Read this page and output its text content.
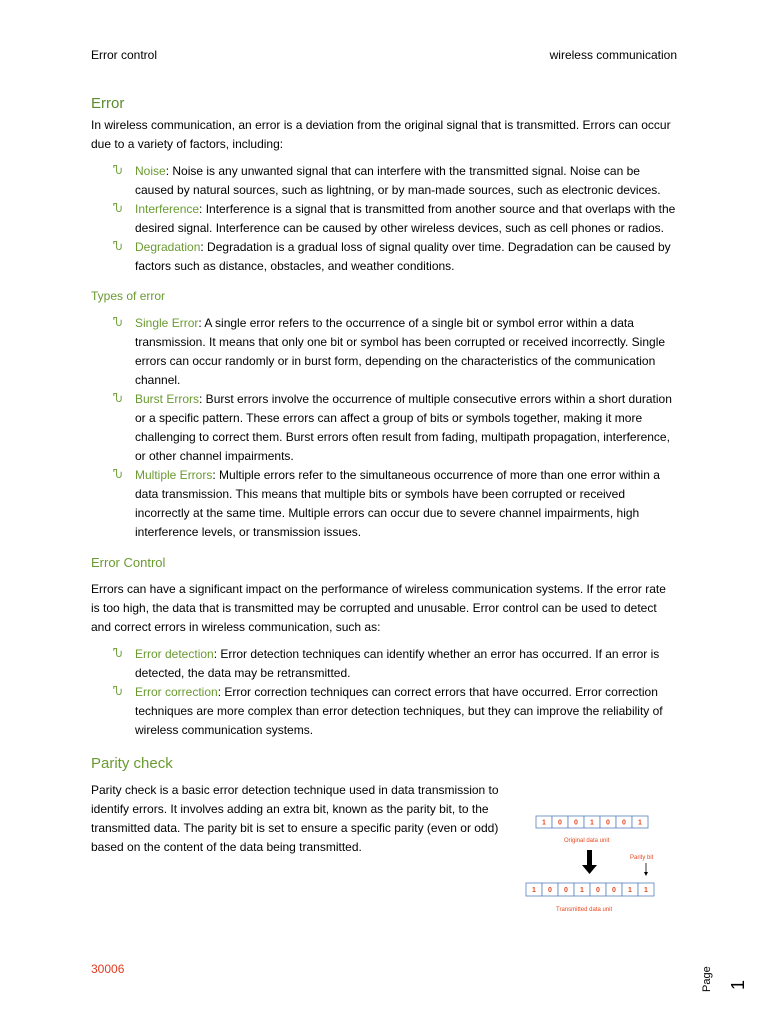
Error control	wireless communication
Error

In wireless communication, an error is a deviation from the original signal that is transmitted. Errors can occur due to a variety of factors, including:

Ⴠ Noise: Noise is any unwanted signal that can interfere with the transmitted signal. Noise can be caused by natural sources, such as lightning, or by man-made sources, such as electronic devices.
Ⴠ Interference: Interference is a signal that is transmitted from another source and that overlaps with the desired signal. Interference can be caused by other wireless devices, such as cell phones or radios.
Ⴠ Degradation: Degradation is a gradual loss of signal quality over time. Degradation can be caused by factors such as distance, obstacles, and weather conditions.

Types of error

Ⴠ Single Error: A single error refers to the occurrence of a single bit or symbol error within a data transmission. It means that only one bit or symbol has been corrupted or received incorrectly. Single errors can occur randomly or in burst form, depending on the characteristics of the communication channel.
Ⴠ Burst Errors: Burst errors involve the occurrence of multiple consecutive errors within a short duration or a specific pattern. These errors can affect a group of bits or symbols together, making it more challenging to correct them. Burst errors often result from fading, multipath propagation, interference, or other channel impairments.
Ⴠ Multiple Errors: Multiple errors refer to the simultaneous occurrence of more than one error within a data transmission. This means that multiple bits or symbols have been corrupted or received incorrectly at the same time. Multiple errors can occur due to severe channel impairments, high interference levels, or transmission issues.

Error Control

Errors can have a significant impact on the performance of wireless communication systems. If the error rate is too high, the data that is transmitted may be corrupted and unusable. Error control can be used to detect and correct errors in wireless communication, such as:

Ⴠ Error detection: Error detection techniques can identify whether an error has occurred. If an error is detected, the data may be retransmitted.
Ⴠ Error correction: Error correction techniques can correct errors that have occurred. Error correction techniques are more complex than error detection techniques, but they can improve the reliability of wireless communication systems.

Parity check

Parity check is a basic error detection technique used in data transmission to identify errors. It involves adding an extra bit, known as the parity bit, to the transmitted data. The parity bit is set to ensure a specific parity (even or odd) based on the content of the data being transmitted.

1 0 0 1 0 0 1
Original data unit
Parity bit
1 0 0 1 0 0 1 1
Transmitted data unit
30006	Page 1
